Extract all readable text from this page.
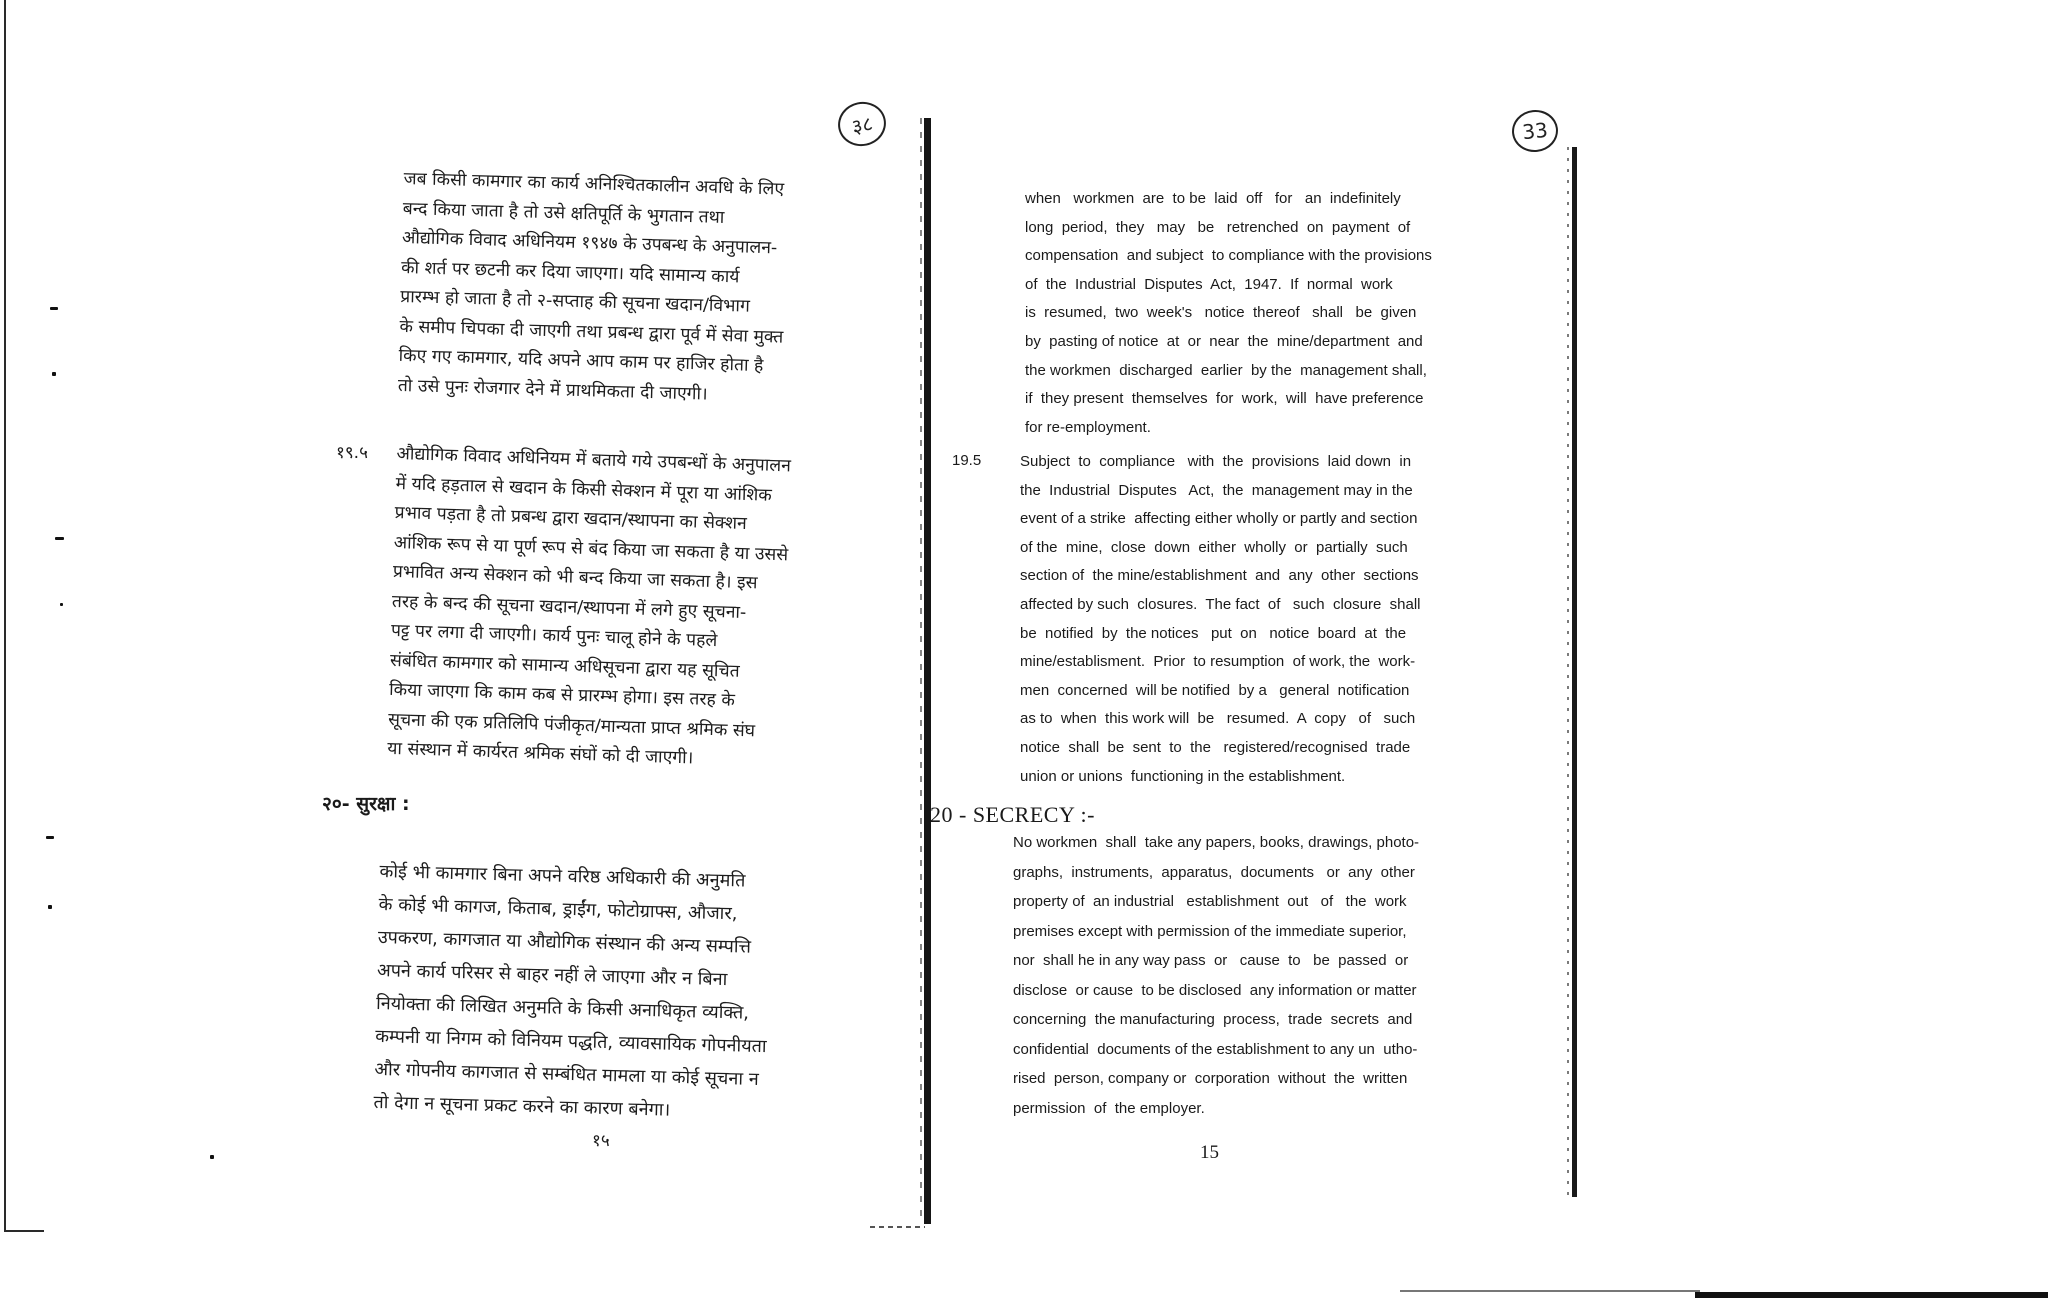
३८

जब किसी कामगार का कार्य अनिश्चितकालीन अवधि के लिए

बन्द किया जाता है तो उसे क्षतिपूर्ति के भुगतान तथा

औद्योगिक विवाद अधिनियम १९४७ के उपबन्ध के अनुपालन-

की शर्त पर छटनी कर दिया जाएगा। यदि सामान्य कार्य

प्रारम्भ हो जाता है तो २-सप्ताह की सूचना खदान/विभाग

के समीप चिपका दी जाएगी तथा प्रबन्ध द्वारा पूर्व में सेवा मुक्त

किए गए कामगार, यदि अपने आप काम पर हाजिर होता है

तो उसे पुनः रोजगार देने में प्राथमिकता दी जाएगी।

१९.५ औद्योगिक विवाद अधिनियम में बताये गये उपबन्धों के अनुपालन

में यदि हड़ताल से खदान के किसी सेक्शन में पूरा या आंशिक

प्रभाव पड़ता है तो प्रबन्ध द्वारा खदान/स्थापना का सेक्शन

आंशिक रूप से या पूर्ण रूप से बंद किया जा सकता है या उससे

प्रभावित अन्य सेक्शन को भी बन्द किया जा सकता है। इस

तरह के बन्द की सूचना खदान/स्थापना में लगे हुए सूचना-

पट्ट पर लगा दी जाएगी। कार्य पुनः चालू होने के पहले

संबंधित कामगार को सामान्य अधिसूचना द्वारा यह सूचित

किया जाएगा कि काम कब से प्रारम्भ होगा। इस तरह के

सूचना की एक प्रतिलिपि पंजीकृत/मान्यता प्राप्त श्रमिक संघ

या संस्थान में कार्यरत श्रमिक संघों को दी जाएगी।

२०- सुरक्षा :

कोई भी कामगार बिना अपने वरिष्ठ अधिकारी की अनुमति

के कोई भी कागज, किताब, ड्राईंग, फोटोग्राफ्स, औजार,

उपकरण, कागजात या औद्योगिक संस्थान की अन्य सम्पत्ति

अपने कार्य परिसर से बाहर नहीं ले जाएगा और न बिना

नियोक्ता की लिखित अनुमति के किसी अनाधिकृत व्यक्ति,

कम्पनी या निगम को विनियम पद्धति, व्यावसायिक गोपनीयता

और गोपनीय कागजात से सम्बंधित मामला या कोई सूचना न

तो देगा न सूचना प्रकट करने का कारण बनेगा।

१५
33

when   workmen  are  to be  laid  off   for   an  indefinitely

long  period,  they   may   be   retrenched  on  payment  of

compensation  and subject  to compliance with the provisions

of  the  Industrial  Disputes  Act,  1947.  If  normal  work

is  resumed,  two  week's   notice  thereof   shall   be  given

by  pasting of notice  at  or  near  the  mine/department  and

the workmen  discharged  earlier  by the  management shall,

if  they present  themselves  for  work,  will  have preference

for re-employment.

19.5	Subject  to  compliance   with  the  provisions  laid down  in

the  Industrial  Disputes   Act,  the  management may in the

event of a strike  affecting either wholly or partly and section

of the  mine,  close  down  either  wholly  or  partially  such

section of  the mine/establishment  and  any  other  sections

affected by such  closures.  The fact  of   such  closure  shall

be  notified  by  the notices   put  on   notice  board  at  the

mine/establisment.  Prior  to resumption  of work, the  work-

men  concerned  will be notified  by a   general  notification

as to  when  this work will  be   resumed.  A  copy   of   such

notice  shall  be  sent  to  the   registered/recognised  trade

union or unions  functioning in the establishment.

20 - SECRECY :-

No workmen  shall  take any papers, books, drawings, photo-

graphs,  instruments,  apparatus,  documents   or  any  other

property of  an industrial   establishment  out   of   the  work

premises except with permission of the immediate superior,

nor  shall he in any way pass  or   cause  to   be  passed  or

disclose  or cause  to be disclosed  any information or matter

concerning  the manufacturing  process,  trade  secrets  and

confidential  documents of the establishment to any un  utho-

rised  person, company or  corporation  without  the  written

permission  of  the employer.

15
